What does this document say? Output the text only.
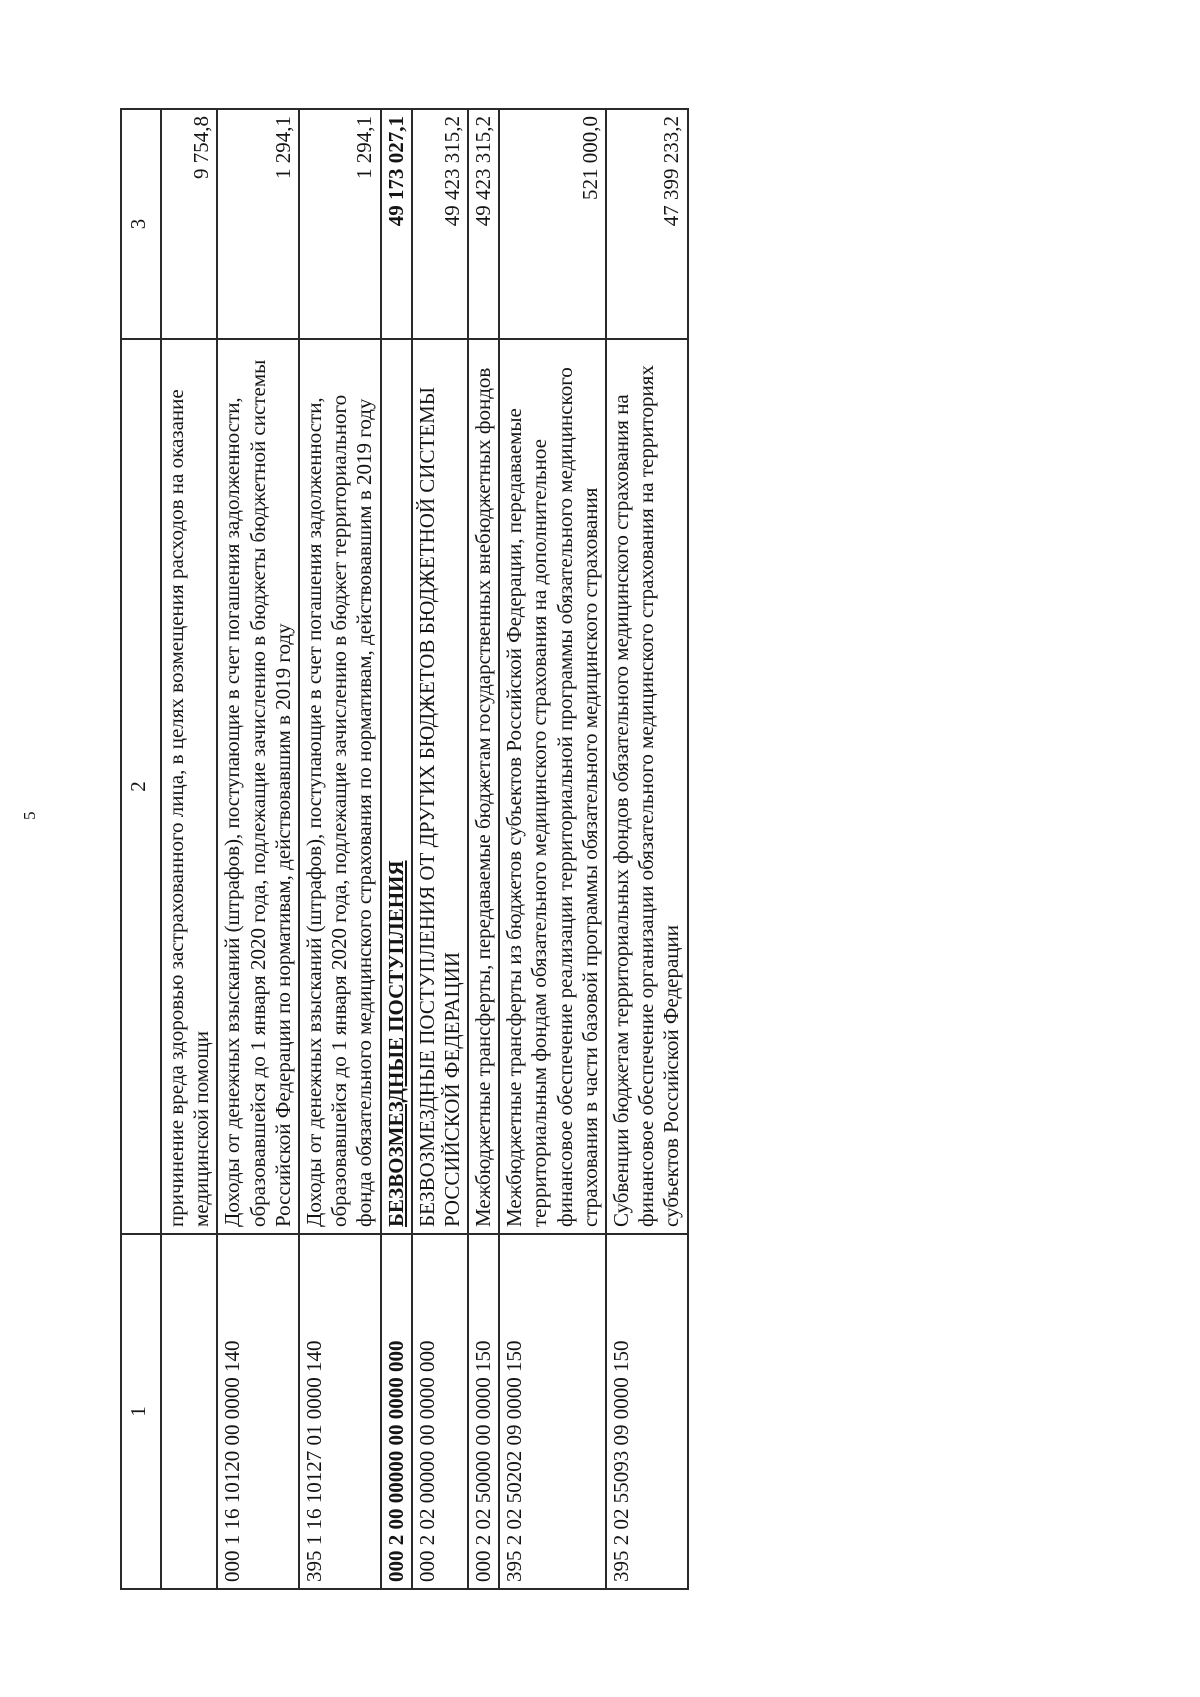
5
1	2	3
	причинение вреда здоровью застрахованного лица, в целях возмещения расходов на оказание медицинской помощи	9 754,8
000 1 16 10120 00 0000 140	Доходы от денежных взысканий (штрафов), поступающие в счет погашения задолженности, образовавшейся до 1 января 2020 года, подлежащие зачислению в бюджеты бюджетной системы Российской Федерации по нормативам, действовавшим в 2019 году	1 294,1
395 1 16 10127 01 0000 140	Доходы от денежных взысканий (штрафов), поступающие в счет погашения задолженности, образовавшейся до 1 января 2020 года, подлежащие зачислению в бюджет территориального фонда обязательного медицинского страхования по нормативам, действовавшим в 2019 году	1 294,1
000 2 00 00000 00 0000 000	БЕЗВОЗМЕЗДНЫЕ ПОСТУПЛЕНИЯ	49 173 027,1
000 2 02 00000 00 0000 000	БЕЗВОЗМЕЗДНЫЕ ПОСТУПЛЕНИЯ ОТ ДРУГИХ БЮДЖЕТОВ БЮДЖЕТНОЙ СИСТЕМЫ РОССИЙСКОЙ ФЕДЕРАЦИИ	49 423 315,2
000 2 02 50000 00 0000 150	Межбюджетные трансферты, передаваемые бюджетам государственных внебюджетных фондов	49 423 315,2
395 2 02 50202 09 0000 150	Межбюджетные трансферты из бюджетов субъектов Российской Федерации, передаваемые территориальным фондам обязательного медицинского страхования на дополнительное финансовое обеспечение реализации территориальной программы обязательного медицинского страхования в части базовой программы обязательного медицинского страхования	521 000,0
395 2 02 55093 09 0000 150	Субвенции бюджетам территориальных фондов обязательного медицинского страхования на финансовое обеспечение организации обязательного медицинского страхования на территориях субъектов Российской Федерации	47 399 233,2
